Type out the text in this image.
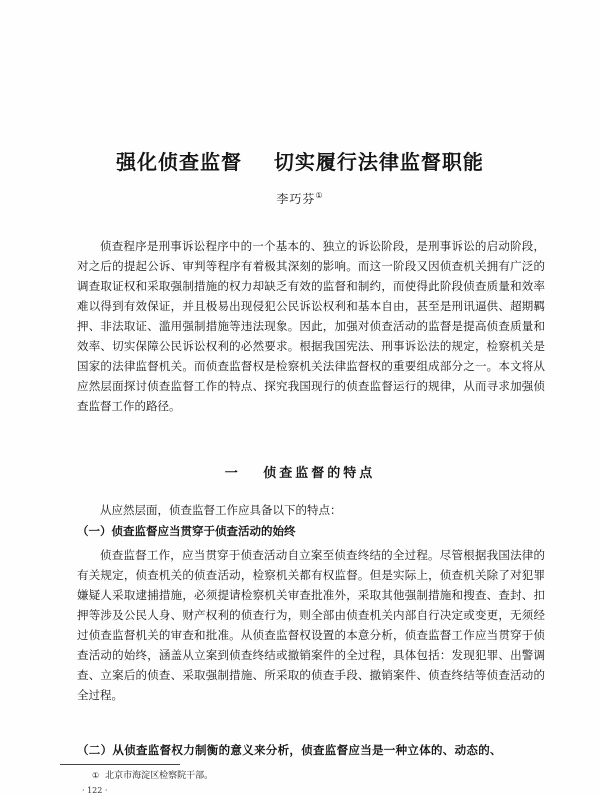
强化侦查监督    切实履行法律监督职能
李巧芬①

侦查程序是刑事诉讼程序中的一个基本的、独立的诉讼阶段，是刑事诉讼的启动阶段，对之后的提起公诉、审判等程序有着极其深刻的影响。而这一阶段又因侦查机关拥有广泛的调查取证权和采取强制措施的权力却缺乏有效的监督和制约，而使得此阶段侦查质量和效率难以得到有效保证，并且极易出现侵犯公民诉讼权利和基本自由，甚至是刑讯逼供、超期羁押、非法取证、滥用强制措施等违法现象。因此，加强对侦查活动的监督是提高侦查质量和效率、切实保障公民诉讼权利的必然要求。根据我国宪法、刑事诉讼法的规定，检察机关是国家的法律监督机关。而侦查监督权是检察机关法律监督权的重要组成部分之一。本文将从应然层面探讨侦查监督工作的特点、探究我国现行的侦查监督运行的规律，从而寻求加强侦查监督工作的路径。

一   侦查监督的特点

从应然层面，侦查监督工作应具备以下的特点：

（一）侦查监督应当贯穿于侦查活动的始终

侦查监督工作，应当贯穿于侦查活动自立案至侦查终结的全过程。尽管根据我国法律的有关规定，侦查机关的侦查活动，检察机关都有权监督。但是实际上，侦查机关除了对犯罪嫌疑人采取逮捕措施，必须提请检察机关审查批准外，采取其他强制措施和搜查、查封、扣押等涉及公民人身、财产权利的侦查行为，则全部由侦查机关内部自行决定或变更，无须经过侦查监督机关的审查和批准。从侦查监督权设置的本意分析，侦查监督工作应当贯穿于侦查活动的始终，涵盖从立案到侦查终结或撤销案件的全过程，具体包括：发现犯罪、出警调查、立案后的侦查、采取强制措施、所采取的侦查手段、撤销案件、侦查终结等侦查活动的全过程。

（二）从侦查监督权力制衡的意义来分析，侦查监督应当是一种立体的、动态的、

① 北京市海淀区检察院干部。
· 122 ·
